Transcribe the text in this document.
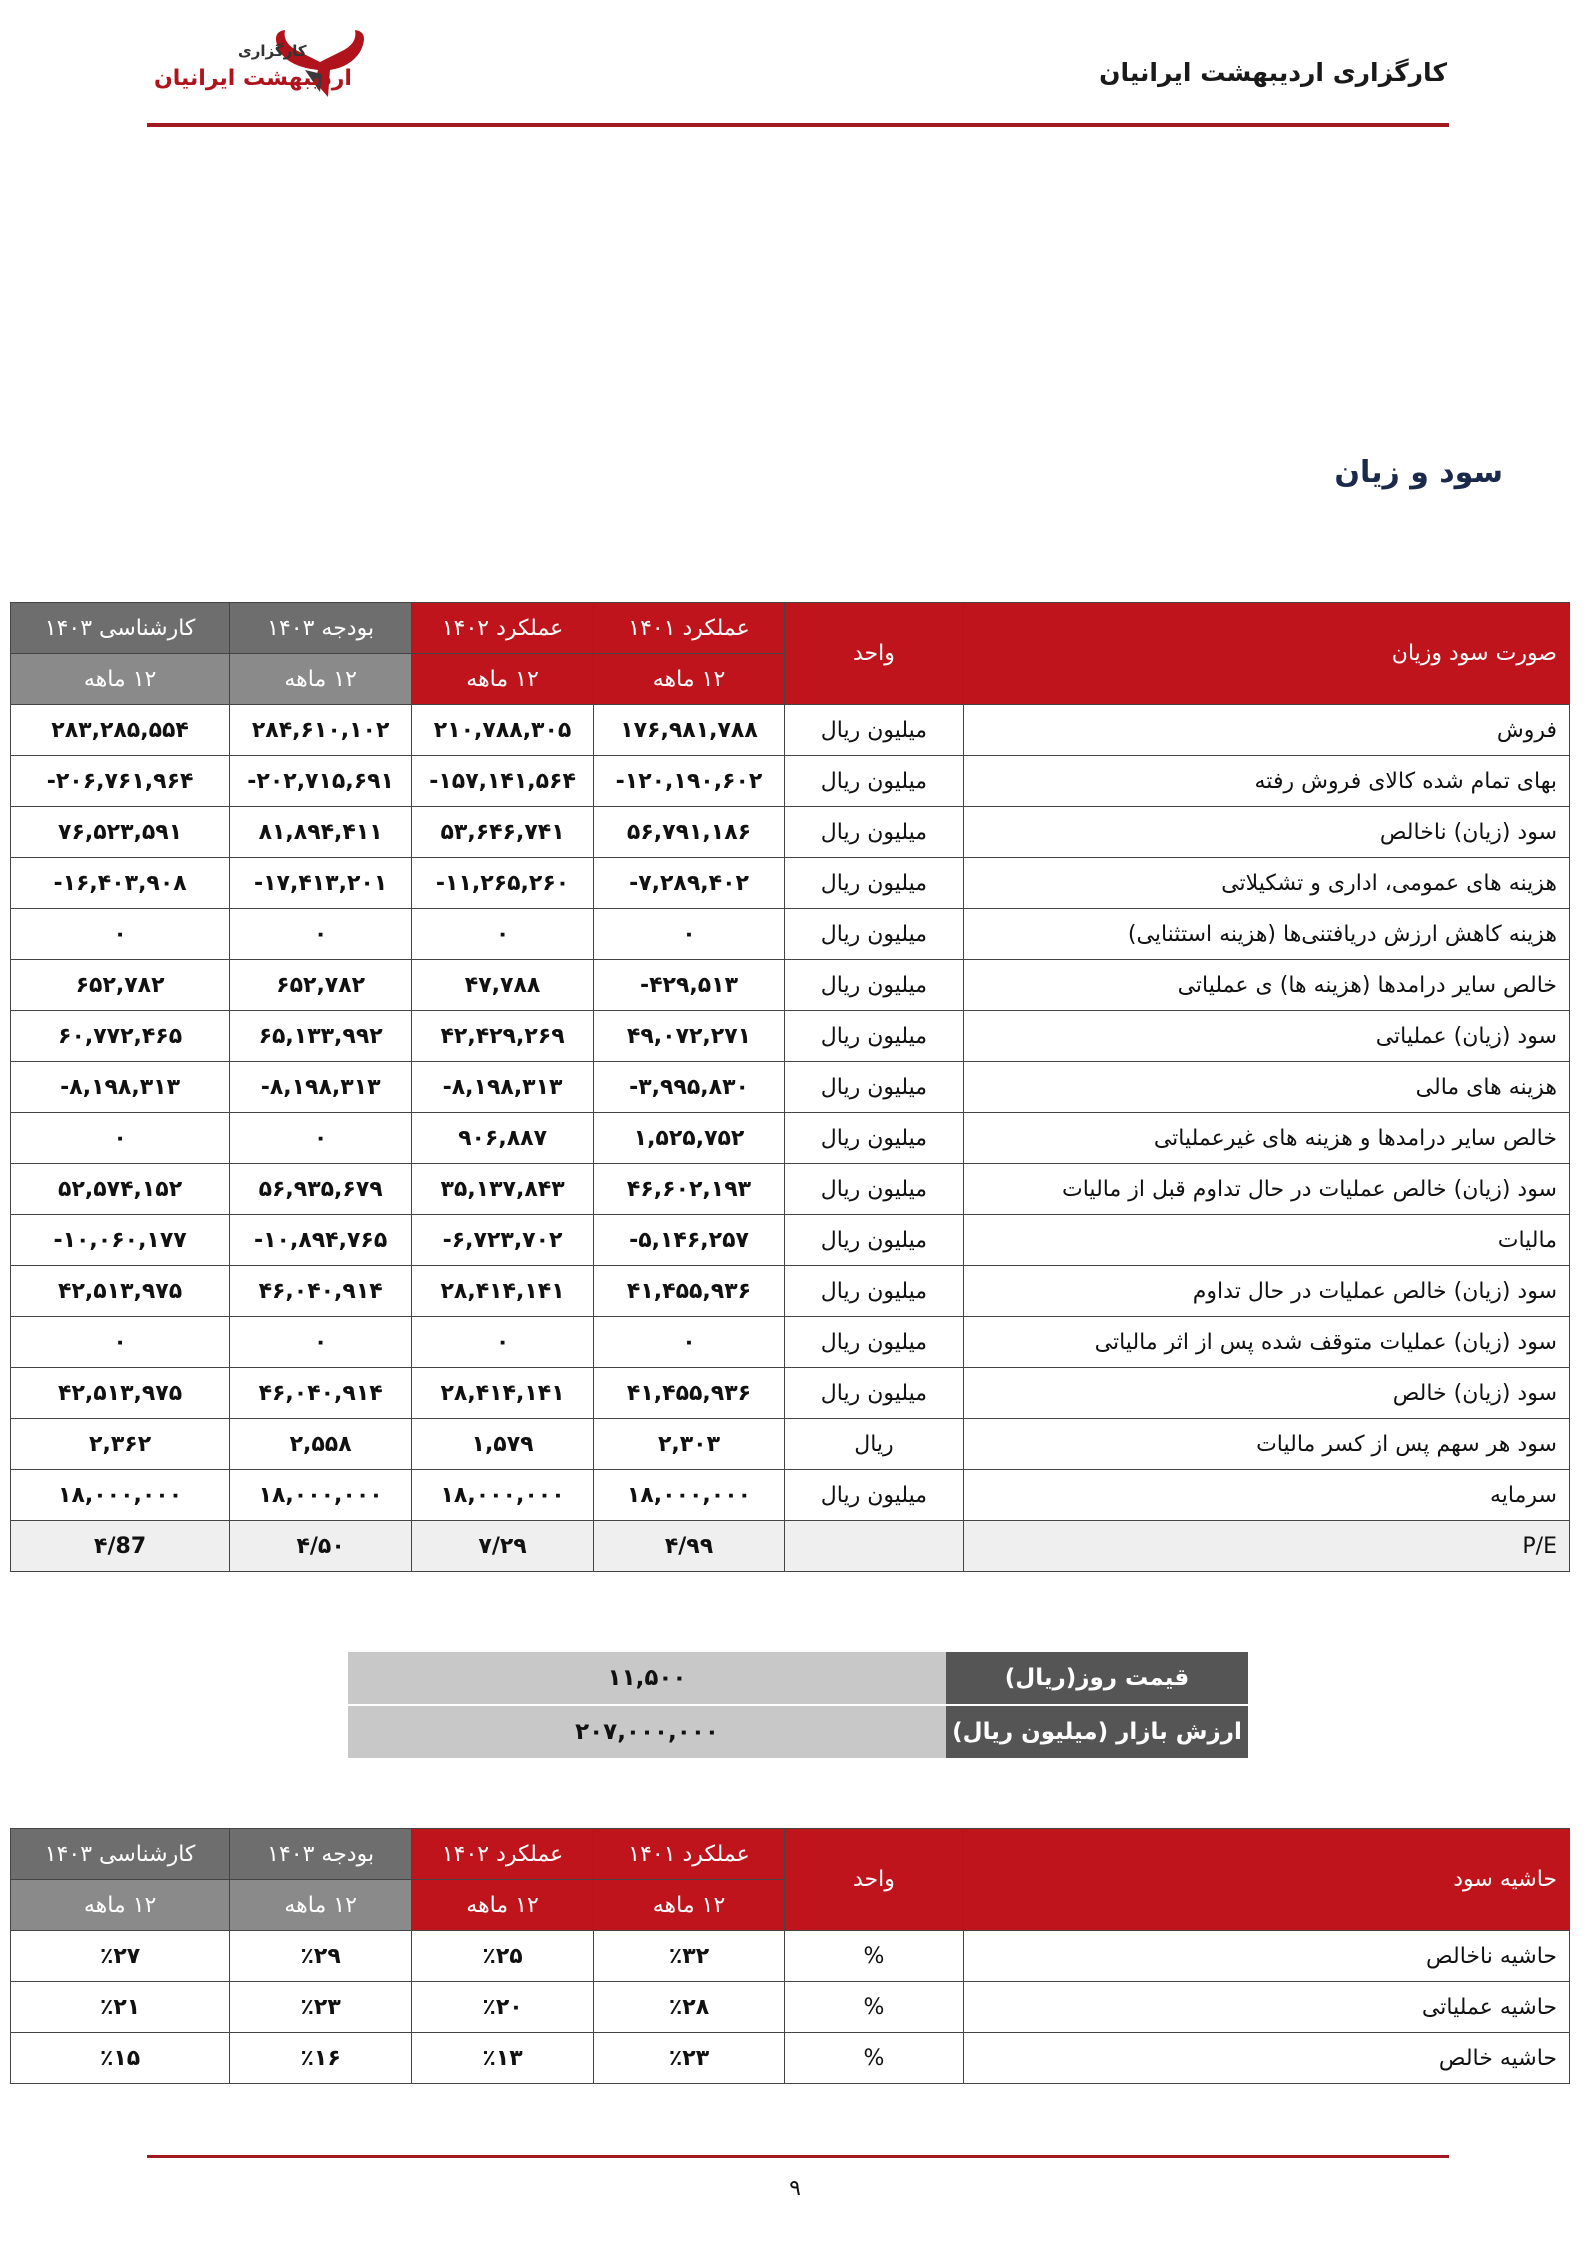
کارگزاری
اردیبهشت ایرانیان	کارگزاری اردیبهشت ایرانیان
سود و زیان
صورت سود وزیان	واحد	عملکرد ۱۴۰۱	عملکرد ۱۴۰۲	بودجه ۱۴۰۳	کارشناسی ۱۴۰۳
		۱۲ ماهه	۱۲ ماهه	۱۲ ماهه	۱۲ ماهه
فروش	میلیون ریال	۱۷۶,۹۸۱,۷۸۸	۲۱۰,۷۸۸,۳۰۵	۲۸۴,۶۱۰,۱۰۲	۲۸۳,۲۸۵,۵۵۴
بهای تمام شده کالای فروش رفته	میلیون ریال	-۱۲۰,۱۹۰,۶۰۲	-۱۵۷,۱۴۱,۵۶۴	-۲۰۲,۷۱۵,۶۹۱	-۲۰۶,۷۶۱,۹۶۴
سود (زیان) ناخالص	میلیون ریال	۵۶,۷۹۱,۱۸۶	۵۳,۶۴۶,۷۴۱	۸۱,۸۹۴,۴۱۱	۷۶,۵۲۳,۵۹۱
هزینه های عمومی، اداری و تشکیلاتی	میلیون ریال	-۷,۲۸۹,۴۰۲	-۱۱,۲۶۵,۲۶۰	-۱۷,۴۱۳,۲۰۱	-۱۶,۴۰۳,۹۰۸
هزینه کاهش ارزش دریافتنی‌ها (هزینه استثنایی)	میلیون ریال	۰	۰	۰	۰
خالص سایر درامدها (هزینه ها) ی عملیاتی	میلیون ریال	-۴۲۹,۵۱۳	۴۷,۷۸۸	۶۵۲,۷۸۲	۶۵۲,۷۸۲
سود (زیان) عملیاتی	میلیون ریال	۴۹,۰۷۲,۲۷۱	۴۲,۴۲۹,۲۶۹	۶۵,۱۳۳,۹۹۲	۶۰,۷۷۲,۴۶۵
هزینه های مالی	میلیون ریال	-۳,۹۹۵,۸۳۰	-۸,۱۹۸,۳۱۳	-۸,۱۹۸,۳۱۳	-۸,۱۹۸,۳۱۳
خالص سایر درامدها و هزینه های غیرعملیاتی	میلیون ریال	۱,۵۲۵,۷۵۲	۹۰۶,۸۸۷	۰	۰
سود (زیان) خالص عملیات در حال تداوم قبل از مالیات	میلیون ریال	۴۶,۶۰۲,۱۹۳	۳۵,۱۳۷,۸۴۳	۵۶,۹۳۵,۶۷۹	۵۲,۵۷۴,۱۵۲
مالیات	میلیون ریال	-۵,۱۴۶,۲۵۷	-۶,۷۲۳,۷۰۲	-۱۰,۸۹۴,۷۶۵	-۱۰,۰۶۰,۱۷۷
سود (زیان) خالص عملیات در حال تداوم	میلیون ریال	۴۱,۴۵۵,۹۳۶	۲۸,۴۱۴,۱۴۱	۴۶,۰۴۰,۹۱۴	۴۲,۵۱۳,۹۷۵
سود (زیان) عملیات متوقف شده پس از اثر مالیاتی	میلیون ریال	۰	۰	۰	۰
سود (زیان) خالص	میلیون ریال	۴۱,۴۵۵,۹۳۶	۲۸,۴۱۴,۱۴۱	۴۶,۰۴۰,۹۱۴	۴۲,۵۱۳,۹۷۵
سود هر سهم پس از کسر مالیات	ریال	۲,۳۰۳	۱,۵۷۹	۲,۵۵۸	۲,۳۶۲
سرمایه	میلیون ریال	۱۸,۰۰۰,۰۰۰	۱۸,۰۰۰,۰۰۰	۱۸,۰۰۰,۰۰۰	۱۸,۰۰۰,۰۰۰
P/E		۴/۹۹	۷/۲۹	۴/۵۰	۴/87
قیمت روز(ریال)	۱۱,۵۰۰
ارزش بازار (میلیون ریال)	۲۰۷,۰۰۰,۰۰۰
حاشیه سود	واحد	عملکرد ۱۴۰۱	عملکرد ۱۴۰۲	بودجه ۱۴۰۳	کارشناسی ۱۴۰۳
		۱۲ ماهه	۱۲ ماهه	۱۲ ماهه	۱۲ ماهه
حاشیه ناخالص	%	٪۳۲	٪۲۵	٪۲۹	٪۲۷
حاشیه عملیاتی	%	٪۲۸	٪۲۰	٪۲۳	٪۲۱
حاشیه خالص	%	٪۲۳	٪۱۳	٪۱۶	٪۱۵
۹
